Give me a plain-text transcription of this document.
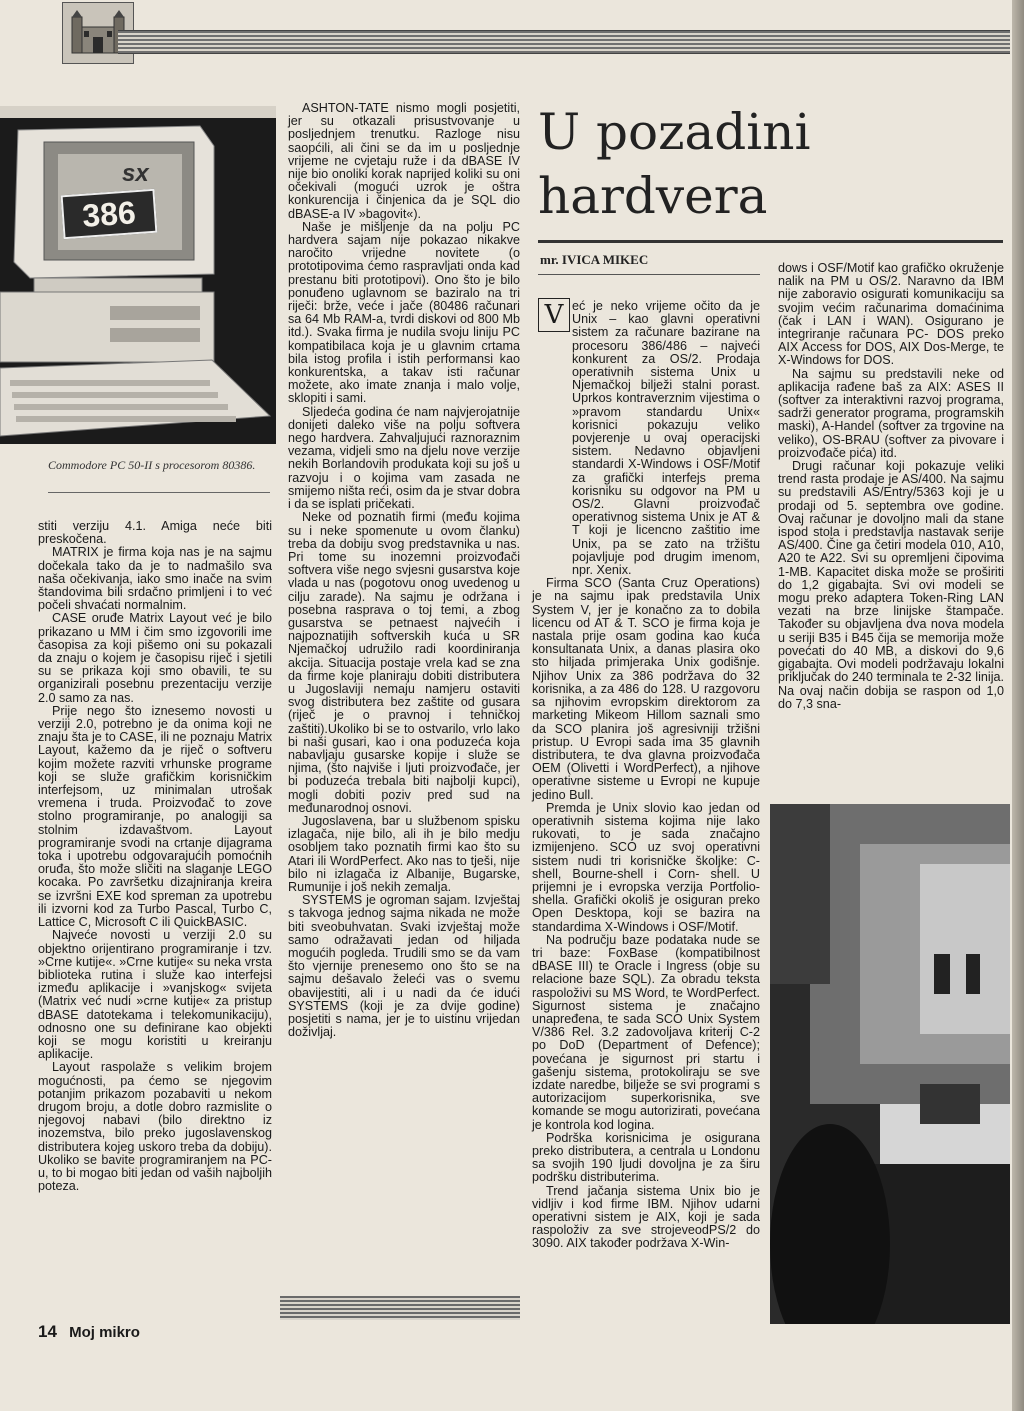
386
sx
Commodore PC 50-II s procesorom 80386.

stiti verziju 4.1. Amiga neće biti preskočena.

MATRIX je firma koja nas je na sajmu dočekala tako da je to nadmašilo sva naša očekivanja, iako smo inače na svim štandovima bili srdačno primljeni i to već počeli shvaćati normalnim.

CASE oruđe Matrix Layout već je bilo prikazano u MM i čim smo izgovorili ime časopisa za koji pišemo oni su pokazali da znaju o kojem je časopisu riječ i sjetili su se prikaza koji smo obavili, te su organizirali posebnu prezentaciju verzije 2.0 samo za nas.

Prije nego što iznesemo novosti u verziji 2.0, potrebno je da onima koji ne znaju šta je to CASE, ili ne poznaju Matrix Layout, kažemo da je riječ o softveru kojim možete razviti vrhunske programe koji se služe grafičkim korisničkim interfejsom, uz minimalan utrošak vremena i truda. Proizvođač to zove stolno programiranje, po analogiji sa stolnim izdavaštvom. Layout programiranje svodi na crtanje dijagrama toka i upotrebu odgovarajućih pomoćnih oruđa, što može sličiti na slaganje LEGO kocaka. Po završetku dizajniranja kreira se izvršni EXE kod spreman za upotrebu ili izvorni kod za Turbo Pascal, Turbo C, Lattice C, Microsoft C ili QuickBASIC.

Najveće novosti u verziji 2.0 su objektno orijentirano programiranje i tzv. »Crne kutije«. »Crne kutije« su neka vrsta biblioteka rutina i služe kao interfejsi između aplikacije i »vanjskog« svijeta (Matrix već nudi »crne kutije« za pristup dBASE datotekama i telekomunikaciju), odnosno one su definirane kao objekti koji se mogu koristiti u kreiranju aplikacije.

Layout raspolaže s velikim brojem mogućnosti, pa ćemo se njegovim potanjim prikazom pozabaviti u nekom drugom broju, a dotle dobro razmislite o njegovoj nabavi (bilo direktno iz inozemstva, bilo preko jugoslavenskog distributera kojeg uskoro treba da dobiju). Ukoliko se bavite programiranjem na PC-u, to bi mogao biti jedan od vaših najboljih poteza.

ASHTON-TATE nismo mogli posjetiti, jer su otkazali prisustvovanje u posljednjem trenutku. Razloge nisu saopćili, ali čini se da im u posljednje vrijeme ne cvjetaju ruže i da dBASE IV nije bio onoliki korak naprijed koliki su oni očekivali (mogući uzrok je oštra konkurencija i činjenica da je SQL dio dBASE-a IV »bagovit«).

Naše je mišljenje da na polju PC hardvera sajam nije pokazao nikakve naročito vrijedne novitete (o prototipovima ćemo raspravljati onda kad prestanu biti prototipovi). Ono što je bilo ponuđeno uglavnom se baziralo na tri riječi: brže, veće i jače (80486 računari sa 64 Mb RAM-a, tvrdi diskovi od 800 Mb itd.). Svaka firma je nudila svoju liniju PC kompatibilaca koja je u glavnim crtama bila istog profila i istih performansi kao konkurentska, a takav isti računar možete, ako imate znanja i malo volje, sklopiti i sami.

Sljedeća godina će nam najvjerojatnije donijeti daleko više na polju softvera nego hardvera. Zahvaljujući raznoraznim vezama, vidjeli smo na djelu nove verzije nekih Borlandovih produkata koji su još u razvoju i o kojima vam zasada ne smijemo ništa reći, osim da je stvar dobra i da se isplati pričekati.

Neke od poznatih firmi (među kojima su i neke spomenute u ovom članku) treba da dobiju svog predstavnika u nas. Pri tome su inozemni proizvođači softvera više nego svjesni gusarstva koje vlada u nas (pogotovu onog uvedenog u cilju zarade). Na sajmu je održana i posebna rasprava o toj temi, a zbog gusarstva se petnaest najvećih i najpoznatijih softverskih kuća u SR Njemačkoj udružilo radi koordiniranja akcija. Situacija postaje vrela kad se zna da firme koje planiraju dobiti distributera u Jugoslaviji nemaju namjeru ostaviti svog distributera bez zaštite od gusara (riječ je o pravnoj i tehničkoj zaštiti).Ukoliko bi se to ostvarilo, vrlo lako bi naši gusari, kao i ona poduzeća koja nabavljaju gusarske kopije i služe se njima, (što najviše i ljuti proizvođače, jer bi poduzeća trebala biti najbolji kupci), mogli dobiti poziv pred sud na međunarodnoj osnovi.

Jugoslavena, bar u službenom spisku izlagača, nije bilo, ali ih je bilo medju osobljem tako poznatih firmi kao što su Atari ili WordPerfect. Ako nas to tješi, nije bilo ni izlagača iz Albanije, Bugarske, Rumunije i još nekih zemalja.

SYSTEMS je ogroman sajam. Izvještaj s takvoga jednog sajma nikada ne može biti sveobuhvatan. Svaki izvještaj može samo odražavati jedan od hiljada mogućih pogleda. Trudili smo se da vam što vjernije prenesemo ono što se na sajmu dešavalo želeći vas o svemu obavijestiti, ali i u nadi da će idući SYSTEMS (koji je za dvije godine) posjetiti s nama, jer je to uistinu vrijedan doživljaj.

U pozadini
hardvera
mr. IVICA MIKEC
V eć je neko vrijeme očito da je Unix – kao glavni operativni sistem za računare bazirane na procesoru 386/486 – najveći konkurent za OS/2. Prodaja operativnih sistema Unix u Njemačkoj bilježi stalni porast. Uprkos kontraverznim vijestima o »pravom standardu Unix« korisnici pokazuju veliko povjerenje u ovaj operacijski sistem. Nedavno objavljeni standardi X-Windows i OSF/Motif za grafički interfejs prema korisniku su odgovor na PM u OS/2. Glavni proizvođač operativnog sistema Unix je AT & T koji je licencno zaštitio ime Unix, pa se zato na tržištu pojavljuje pod drugim imenom, npr. Xenix.

Firma SCO (Santa Cruz Operations) je na sajmu ipak predstavila Unix System V, jer je konačno za to dobila licencu od AT & T. SCO je firma koja je nastala prije osam godina kao kuća konsultanata Unix, a danas plasira oko sto hiljada primjeraka Unix godišnje. Njihov Unix za 386 podržava do 32 korisnika, a za 486 do 128. U razgovoru sa njihovim evropskim direktorom za marketing Mikeom Hillom saznali smo da SCO planira još agresivniji tržišni pristup. U Evropi sada ima 35 glavnih distributera, te dva glavna proizvođača OEM (Olivetti i WordPerfect), a njihove operativne sisteme u Evropi ne kupuje jedino Bull.

Premda je Unix slovio kao jedan od operativnih sistema kojima nije lako rukovati, to je sada značajno izmijenjeno. SCO uz svoj operativni sistem nudi tri korisničke školjke: C-shell, Bourne-shell i Corn- shell. U prijemni je i evropska verzija Portfolio-shella. Grafički okoliš je osiguran preko Open Desktopa, koji se bazira na standardima X-Windows i OSF/Motif.

Na području baze podataka nude se tri baze: FoxBase (kompatibilnost dBASE III) te Oracle i Ingress (obje su relacione baze SQL). Za obradu teksta raspoloživi su MS Word, te WordPerfect. Sigurnost sistema je značajno unapređena, te sada SCO Unix System V/386 Rel. 3.2 zadovoljava kriterij C-2 po DoD (Department of Defence); povećana je sigurnost pri startu i gašenju sistema, protokoliraju se sve izdate naredbe, bilježe se svi programi s autorizacijom superkorisnika, sve komande se mogu autorizirati, povećana je kontrola kod logina.

Podrška korisnicima je osigurana preko distributera, a centrala u Londonu sa svojih 190 ljudi dovoljna je za širu podršku distributerima.

Trend jačanja sistema Unix bio je vidljiv i kod firme IBM. Njihov udarni operativni sistem je AIX, koji je sada raspoloživ za sve strojeveodPS/2 do 3090. AIX također podržava X-Win-

dows i OSF/Motif kao grafičko okruženje nalik na PM u OS/2. Naravno da IBM nije zaboravio osigurati komunikaciju sa svojim većim računarima domaćinima (čak i LAN i WAN). Osigurano je integriranje računara PC- DOS preko AIX Access for DOS, AIX Dos-Merge, te X-Windows for DOS.

Na sajmu su predstavili neke od aplikacija rađene baš za AIX: ASES II (softver za interaktivni razvoj programa, sadrži generator programa, programskih maski), A-Handel (softver za trgovine na veliko), OS-BRAU (softver za pivovare i proizvođače pića) itd.

Drugi računar koji pokazuje veliki trend rasta prodaje je AS/400. Na sajmu su predstavili AS/Entry/5363 koji je u prodaji od 5. septembra ove godine. Ovaj računar je dovoljno mali da stane ispod stola i predstavlja nastavak serije AS/400. Čine ga četiri modela 010, A10, A20 te A22. Svi su opremljeni čipovima 1-MB. Kapacitet diska može se proširiti do 1,2 gigabajta. Svi ovi modeli se mogu preko adaptera Token-Ring LAN vezati na brze linijske štampače. Također su objavljena dva nova modela u seriji B35 i B45 čija se memorija može povećati do 40 MB, a diskovi do 9,6 gigabajta. Ovi modeli podržavaju lokalni priključak do 240 terminala te 2-32 linija. Na ovaj način dobija se raspon od 1,0 do 7,3 sna-

14 Moj mikro
